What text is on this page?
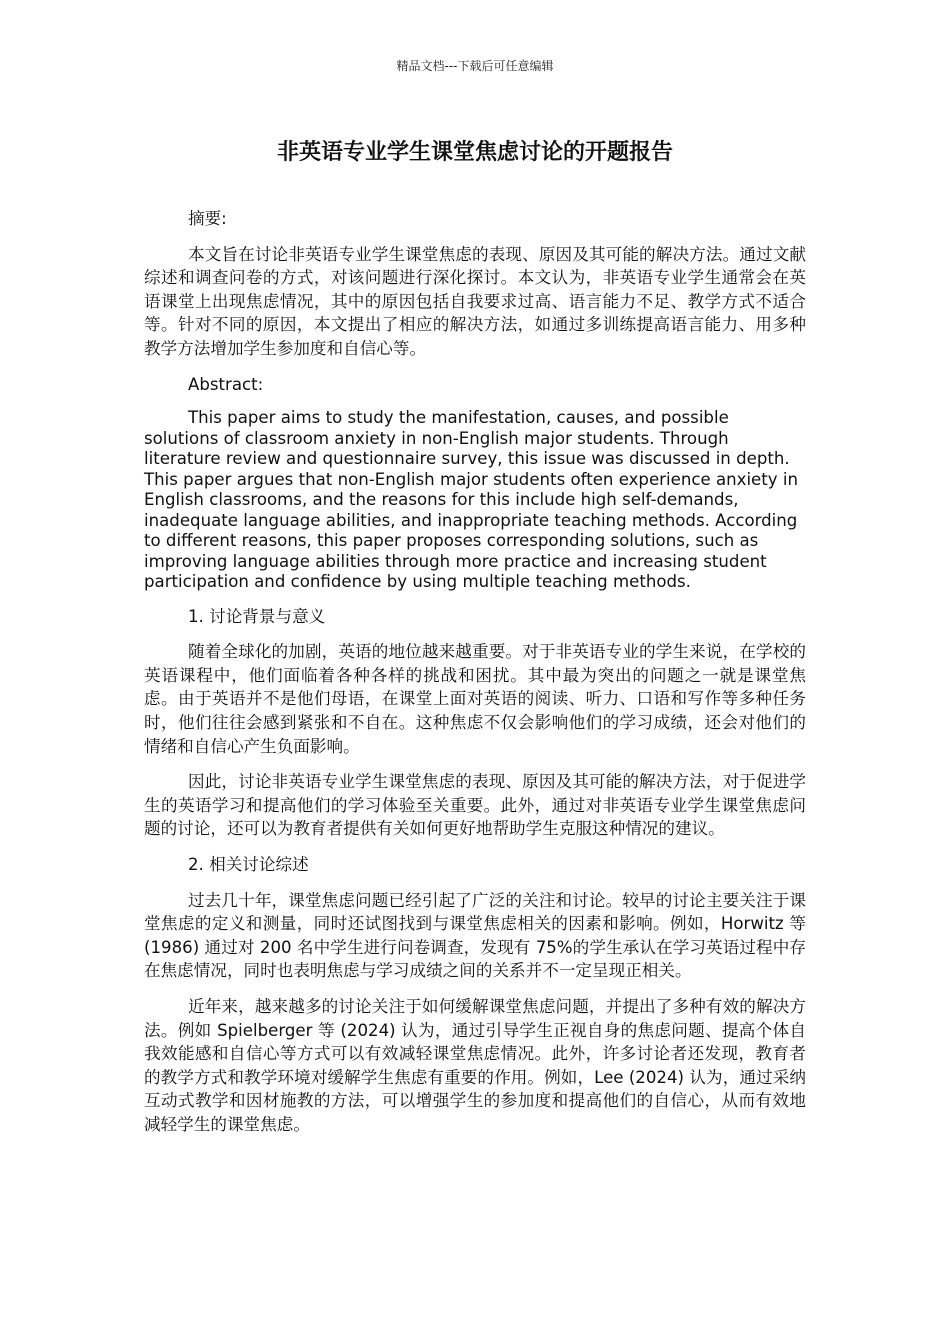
精品文档---下载后可任意编辑
非英语专业学生课堂焦虑讨论的开题报告

摘要:

本文旨在讨论非英语专业学生课堂焦虑的表现、原因及其可能的解决方法。通过文献综述和调查问卷的方式，对该问题进行深化探讨。本文认为，非英语专业学生通常会在英语课堂上出现焦虑情况，其中的原因包括自我要求过高、语言能力不足、教学方式不适合等。针对不同的原因，本文提出了相应的解决方法，如通过多训练提高语言能力、用多种教学方法增加学生参加度和自信心等。

Abstract:

This paper aims to study the manifestation, causes, and possible solutions of classroom anxiety in non-English major students. Through literature review and questionnaire survey, this issue was discussed in depth. This paper argues that non-English major students often experience anxiety in English classrooms, and the reasons for this include high self-demands, inadequate language abilities, and inappropriate teaching methods. According to different reasons, this paper proposes corresponding solutions, such as improving language abilities through more practice and increasing student participation and confidence by using multiple teaching methods.

1. 讨论背景与意义

随着全球化的加剧，英语的地位越来越重要。对于非英语专业的学生来说，在学校的英语课程中，他们面临着各种各样的挑战和困扰。其中最为突出的问题之一就是课堂焦虑。由于英语并不是他们母语，在课堂上面对英语的阅读、听力、口语和写作等多种任务时，他们往往会感到紧张和不自在。这种焦虑不仅会影响他们的学习成绩，还会对他们的情绪和自信心产生负面影响。

因此，讨论非英语专业学生课堂焦虑的表现、原因及其可能的解决方法，对于促进学生的英语学习和提高他们的学习体验至关重要。此外，通过对非英语专业学生课堂焦虑问题的讨论，还可以为教育者提供有关如何更好地帮助学生克服这种情况的建议。

2. 相关讨论综述

过去几十年，课堂焦虑问题已经引起了广泛的关注和讨论。较早的讨论主要关注于课堂焦虑的定义和测量，同时还试图找到与课堂焦虑相关的因素和影响。例如，Horwitz 等 (1986) 通过对 200 名中学生进行问卷调查，发现有 75%的学生承认在学习英语过程中存在焦虑情况，同时也表明焦虑与学习成绩之间的关系并不一定呈现正相关。

近年来，越来越多的讨论关注于如何缓解课堂焦虑问题，并提出了多种有效的解决方法。例如 Spielberger 等 (2024) 认为，通过引导学生正视自身的焦虑问题、提高个体自我效能感和自信心等方式可以有效减轻课堂焦虑情况。此外，许多讨论者还发现，教育者的教学方式和教学环境对缓解学生焦虑有重要的作用。例如，Lee (2024) 认为，通过采纳互动式教学和因材施教的方法，可以增强学生的参加度和提高他们的自信心，从而有效地减轻学生的课堂焦虑。
